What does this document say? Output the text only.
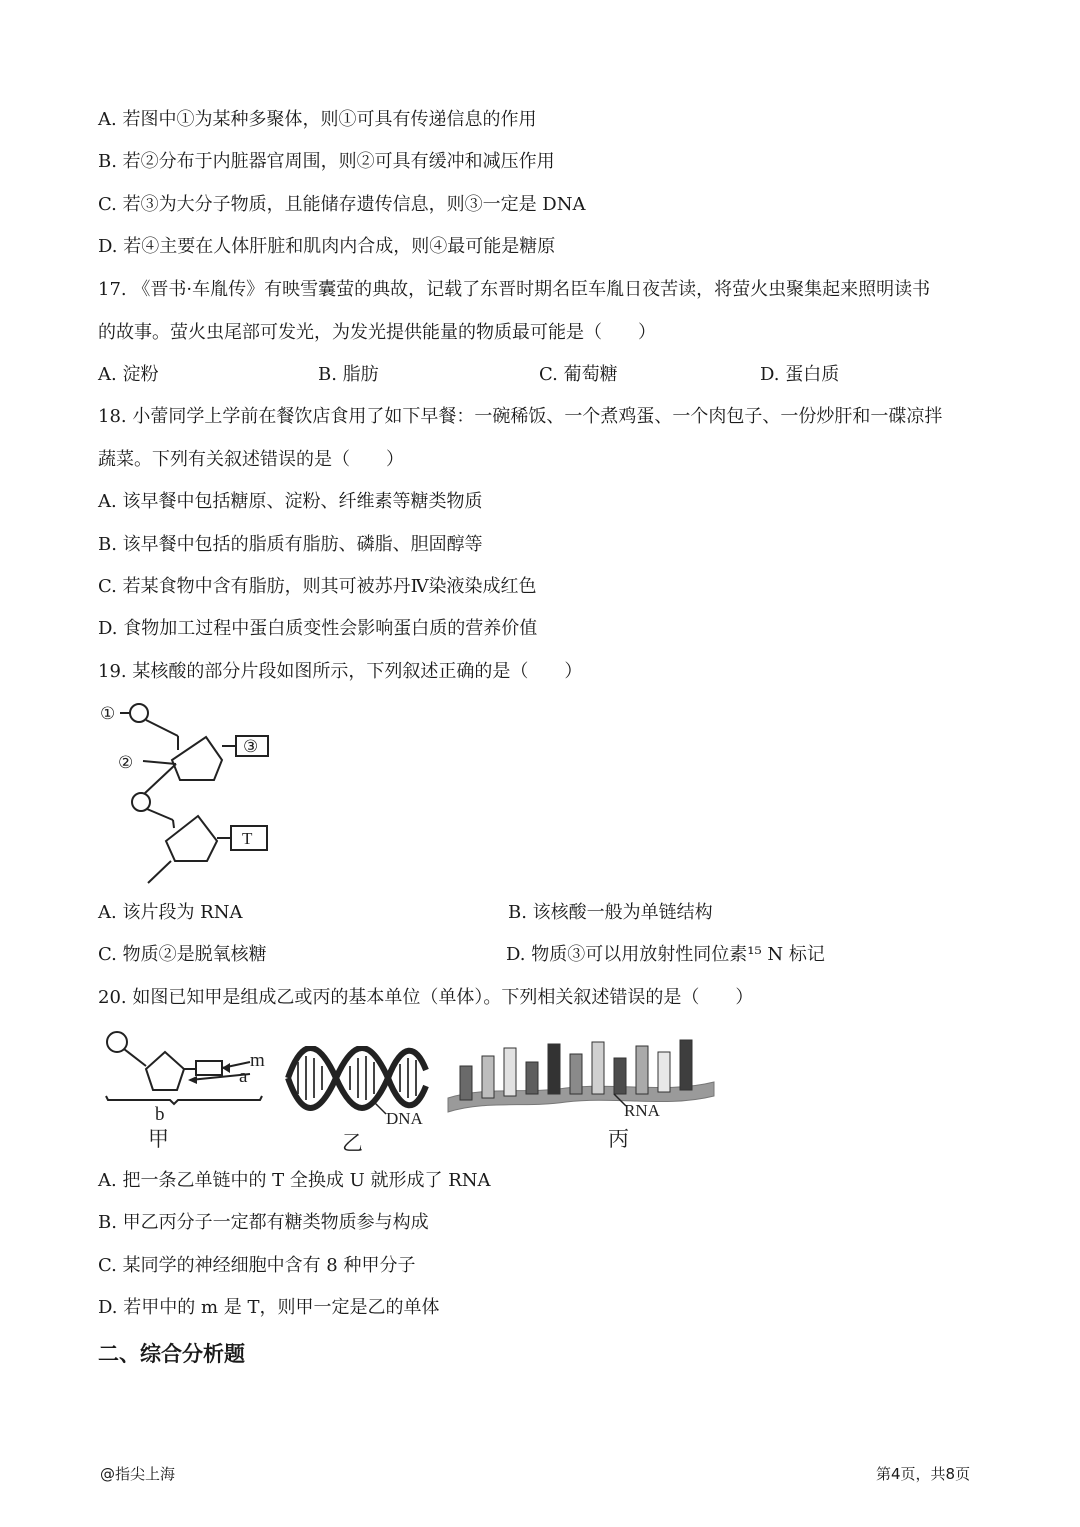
A. 若图中①为某种多聚体，则①可具有传递信息的作用
B. 若②分布于内脏器官周围，则②可具有缓冲和减压作用
C. 若③为大分子物质，且能储存遗传信息，则③一定是 DNA
D. 若④主要在人体肝脏和肌肉内合成，则④最可能是糖原
17. 《晋书·车胤传》有映雪囊萤的典故，记载了东晋时期名臣车胤日夜苦读，将萤火虫聚集起来照明读书
的故事。萤火虫尾部可发光，为发光提供能量的物质最可能是（　　）
A. 淀粉	B. 脂肪	C. 葡萄糖	D. 蛋白质
18. 小蕾同学上学前在餐饮店食用了如下早餐：一碗稀饭、一个煮鸡蛋、一个肉包子、一份炒肝和一碟凉拌
蔬菜。下列有关叙述错误的是（　　）
A. 该早餐中包括糖原、淀粉、纤维素等糖类物质
B. 该早餐中包括的脂质有脂肪、磷脂、胆固醇等
C. 若某食物中含有脂肪，则其可被苏丹Ⅳ染液染成红色
D. 食物加工过程中蛋白质变性会影响蛋白质的营养价值
19. 某核酸的部分片段如图所示，下列叙述正确的是（　　）
①
②
③
T
A. 该片段为 RNA	B. 该核酸一般为单链结构
C. 物质②是脱氧核糖	D. 物质③可以用放射性同位素¹⁵ N 标记
20. 如图已知甲是组成乙或丙的基本单位（单体）。下列相关叙述错误的是（　　）
m
a
b
甲
DNA
乙
RNA
丙
A. 把一条乙单链中的 T 全换成 U 就形成了 RNA
B. 甲乙丙分子一定都有糖类物质参与构成
C. 某同学的神经细胞中含有 8 种甲分子
D. 若甲中的 m 是 T，则甲一定是乙的单体
二、综合分析题
@指尖上海	第4页，共8页
